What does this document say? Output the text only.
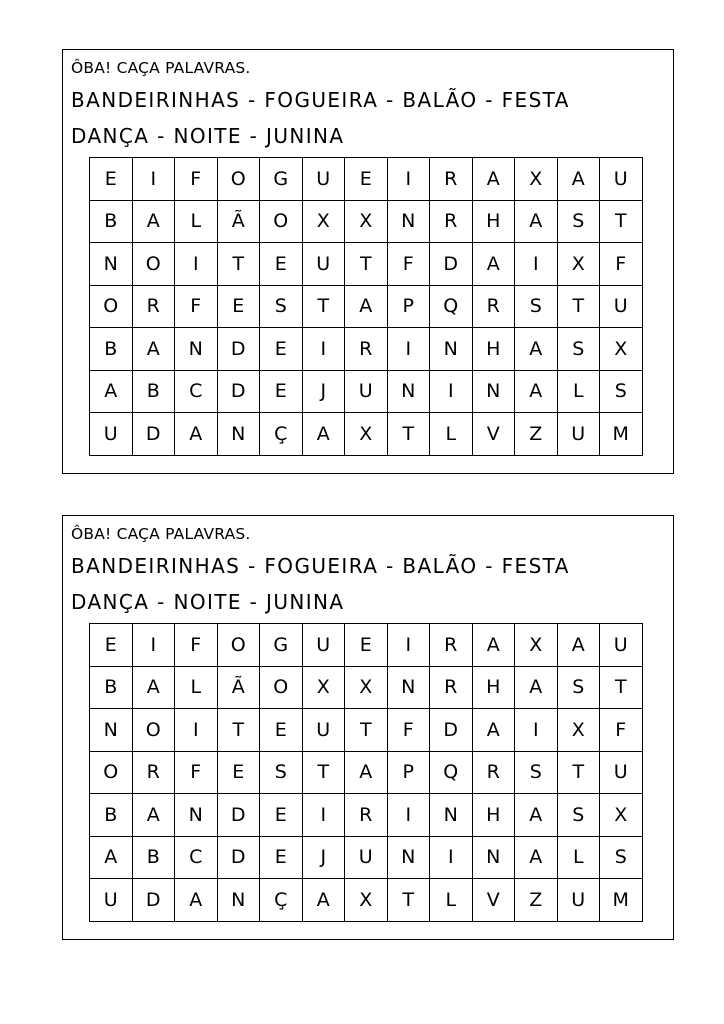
ÔBA! CAÇA PALAVRAS.
BANDEIRINHAS - FOGUEIRA - BALÃO - FESTA
DANÇA - NOITE - JUNINA
E	I	F	O	G	U	E	I	R	A	X	A	U
B	A	L	Ã	O	X	X	N	R	H	A	S	T
N	O	I	T	E	U	T	F	D	A	I	X	F
O	R	F	E	S	T	A	P	Q	R	S	T	U
B	A	N	D	E	I	R	I	N	H	A	S	X
A	B	C	D	E	J	U	N	I	N	A	L	S
U	D	A	N	Ç	A	X	T	L	V	Z	U	M
ÔBA! CAÇA PALAVRAS.
BANDEIRINHAS - FOGUEIRA - BALÃO - FESTA
DANÇA - NOITE - JUNINA
E	I	F	O	G	U	E	I	R	A	X	A	U
B	A	L	Ã	O	X	X	N	R	H	A	S	T
N	O	I	T	E	U	T	F	D	A	I	X	F
O	R	F	E	S	T	A	P	Q	R	S	T	U
B	A	N	D	E	I	R	I	N	H	A	S	X
A	B	C	D	E	J	U	N	I	N	A	L	S
U	D	A	N	Ç	A	X	T	L	V	Z	U	M
